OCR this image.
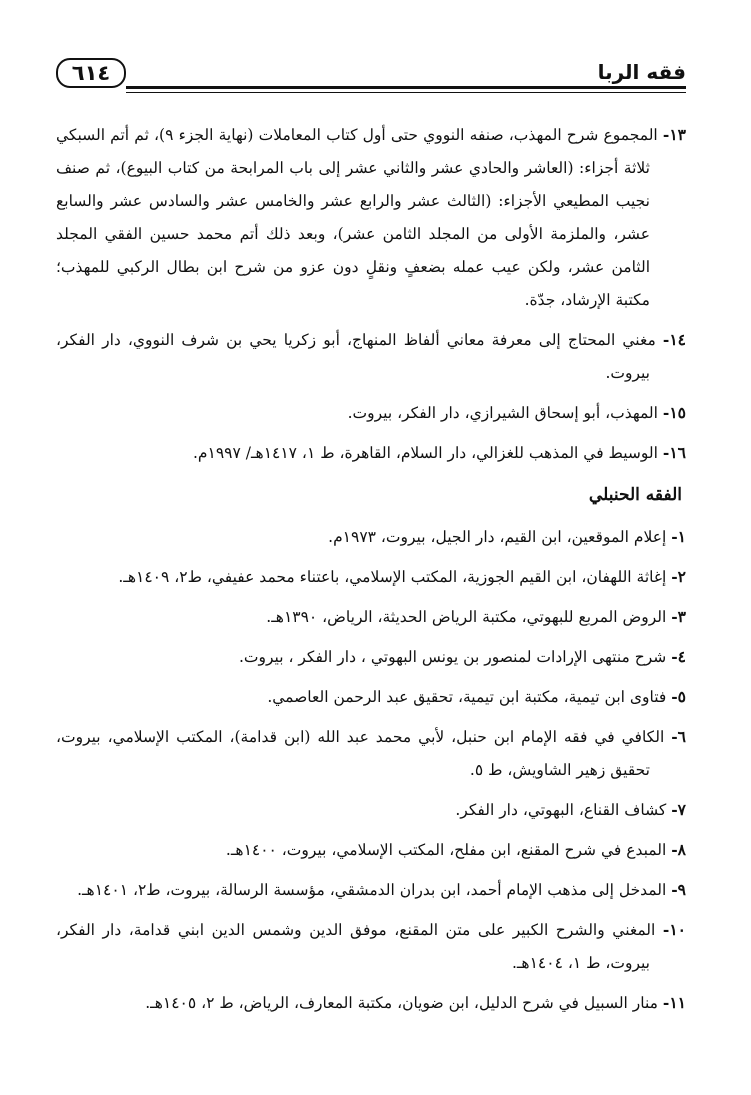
فقه الربا
٦١٤

١٣- المجموع شرح المهذب، صنفه النووي حتى أول كتاب المعاملات (نهاية الجزء ٩)، ثم أتم السبكي ثلاثة أجزاء: (العاشر والحادي عشر والثاني عشر إلى باب المرابحة من كتاب البيوع)، ثم صنف نجيب المطيعي الأجزاء: (الثالث عشر والرابع عشر والخامس عشر والسادس عشر والسابع عشر، والملزمة الأولى من المجلد الثامن عشر)، وبعد ذلك أتم محمد حسين الفقي المجلد الثامن عشر، ولكن عيب عمله بضعفٍ ونقلٍ دون عزو من شرح ابن بطال الركبي للمهذب؛ مكتبة الإرشاد، جدّة.

١٤- مغني المحتاج إلى معرفة معاني ألفاظ المنهاج، أبو زكريا يحي بن شرف النووي، دار الفكر، بيروت.

١٥- المهذب، أبو إسحاق الشيرازي، دار الفكر، بيروت.

١٦- الوسيط في المذهب للغزالي، دار السلام، القاهرة، ط ١، ١٤١٧هـ/ ١٩٩٧م.

الفقه الحنبلي

١- إعلام الموقعين، ابن القيم، دار الجيل، بيروت، ١٩٧٣م.

٢- إغاثة اللهفان، ابن القيم الجوزية، المكتب الإسلامي، باعتناء محمد عفيفي، ط٢، ١٤٠٩هـ.

٣- الروض المربع للبهوتي، مكتبة الرياض الحديثة، الرياض، ١٣٩٠هـ.

٤- شرح منتهى الإرادات لمنصور بن يونس البهوتي ، دار الفكر ، بيروت.

٥- فتاوى ابن تيمية، مكتبة ابن تيمية، تحقيق عبد الرحمن العاصمي.

٦- الكافي في فقه الإمام ابن حنبل، لأبي محمد عبد الله (ابن قدامة)، المكتب الإسلامي، بيروت، تحقيق زهير الشاويش، ط ٥.

٧- كشاف القناع، البهوتي، دار الفكر.

٨- المبدع في شرح المقنع، ابن مفلح، المكتب الإسلامي، بيروت، ١٤٠٠هـ.

٩- المدخل إلى مذهب الإمام أحمد، ابن بدران الدمشقي، مؤسسة الرسالة، بيروت، ط٢، ١٤٠١هـ.

١٠- المغني والشرح الكبير على متن المقنع، موفق الدين وشمس الدين ابني قدامة، دار الفكر، بيروت، ط ١، ١٤٠٤هـ.

١١- منار السبيل في شرح الدليل، ابن ضويان، مكتبة المعارف، الرياض، ط ٢، ١٤٠٥هـ.
